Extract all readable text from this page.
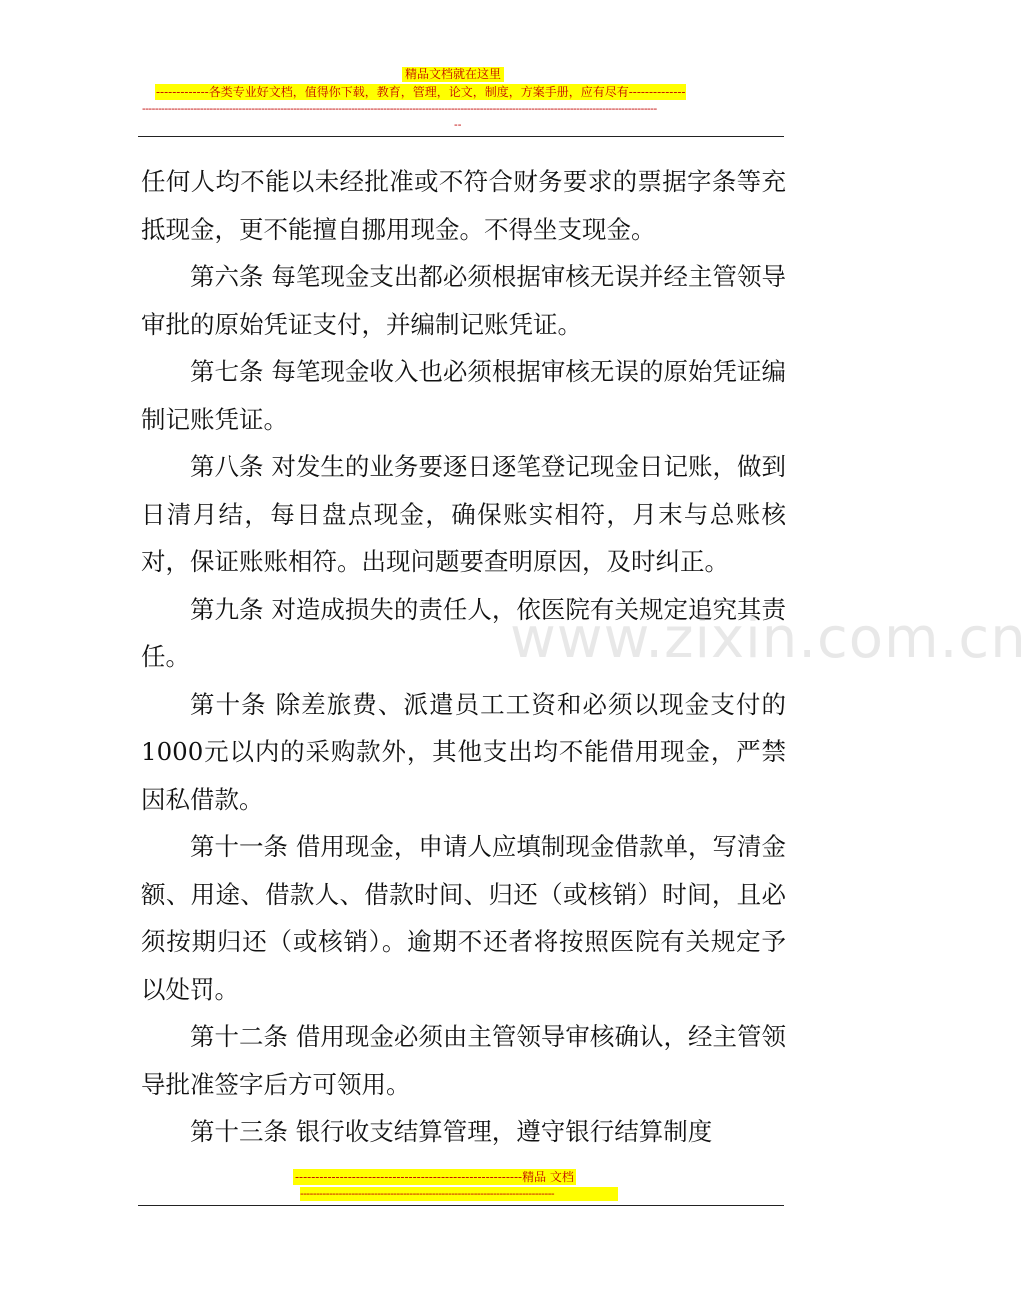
精品文档就在这里
-------------各类专业好文档，值得你下载，教育，管理，论文，制度，方案手册，应有尽有--------------
----------------------------------------------------------------------------------------------------------------------------------------------------------------
--

任何人均不能以未经批准或不符合财务要求的票据字条等充抵现金，更不能擅自挪用现金。不得坐支现金。

第六条 每笔现金支出都必须根据审核无误并经主管领导审批的原始凭证支付，并编制记账凭证。

第七条 每笔现金收入也必须根据审核无误的原始凭证编制记账凭证。

第八条 对发生的业务要逐日逐笔登记现金日记账，做到日清月结，每日盘点现金，确保账实相符，月末与总账核对，保证账账相符。出现问题要查明原因，及时纠正。

第九条 对造成损失的责任人，依医院有关规定追究其责任。

第十条 除差旅费、派遣员工工资和必须以现金支付的1000元以内的采购款外，其他支出均不能借用现金，严禁因私借款。

第十一条 借用现金，申请人应填制现金借款单，写清金额、用途、借款人、借款时间、归还（或核销）时间，且必须按期归还（或核销）。逾期不还者将按照医院有关规定予以处罚。

第十二条 借用现金必须由主管领导审核确认，经主管领导批准签字后方可领用。

第十三条 银行收支结算管理，遵守银行结算制度

www.zixin.com.cn
--------------------------------------------------------精品 文档
-------------------------------------------------------------------------------
